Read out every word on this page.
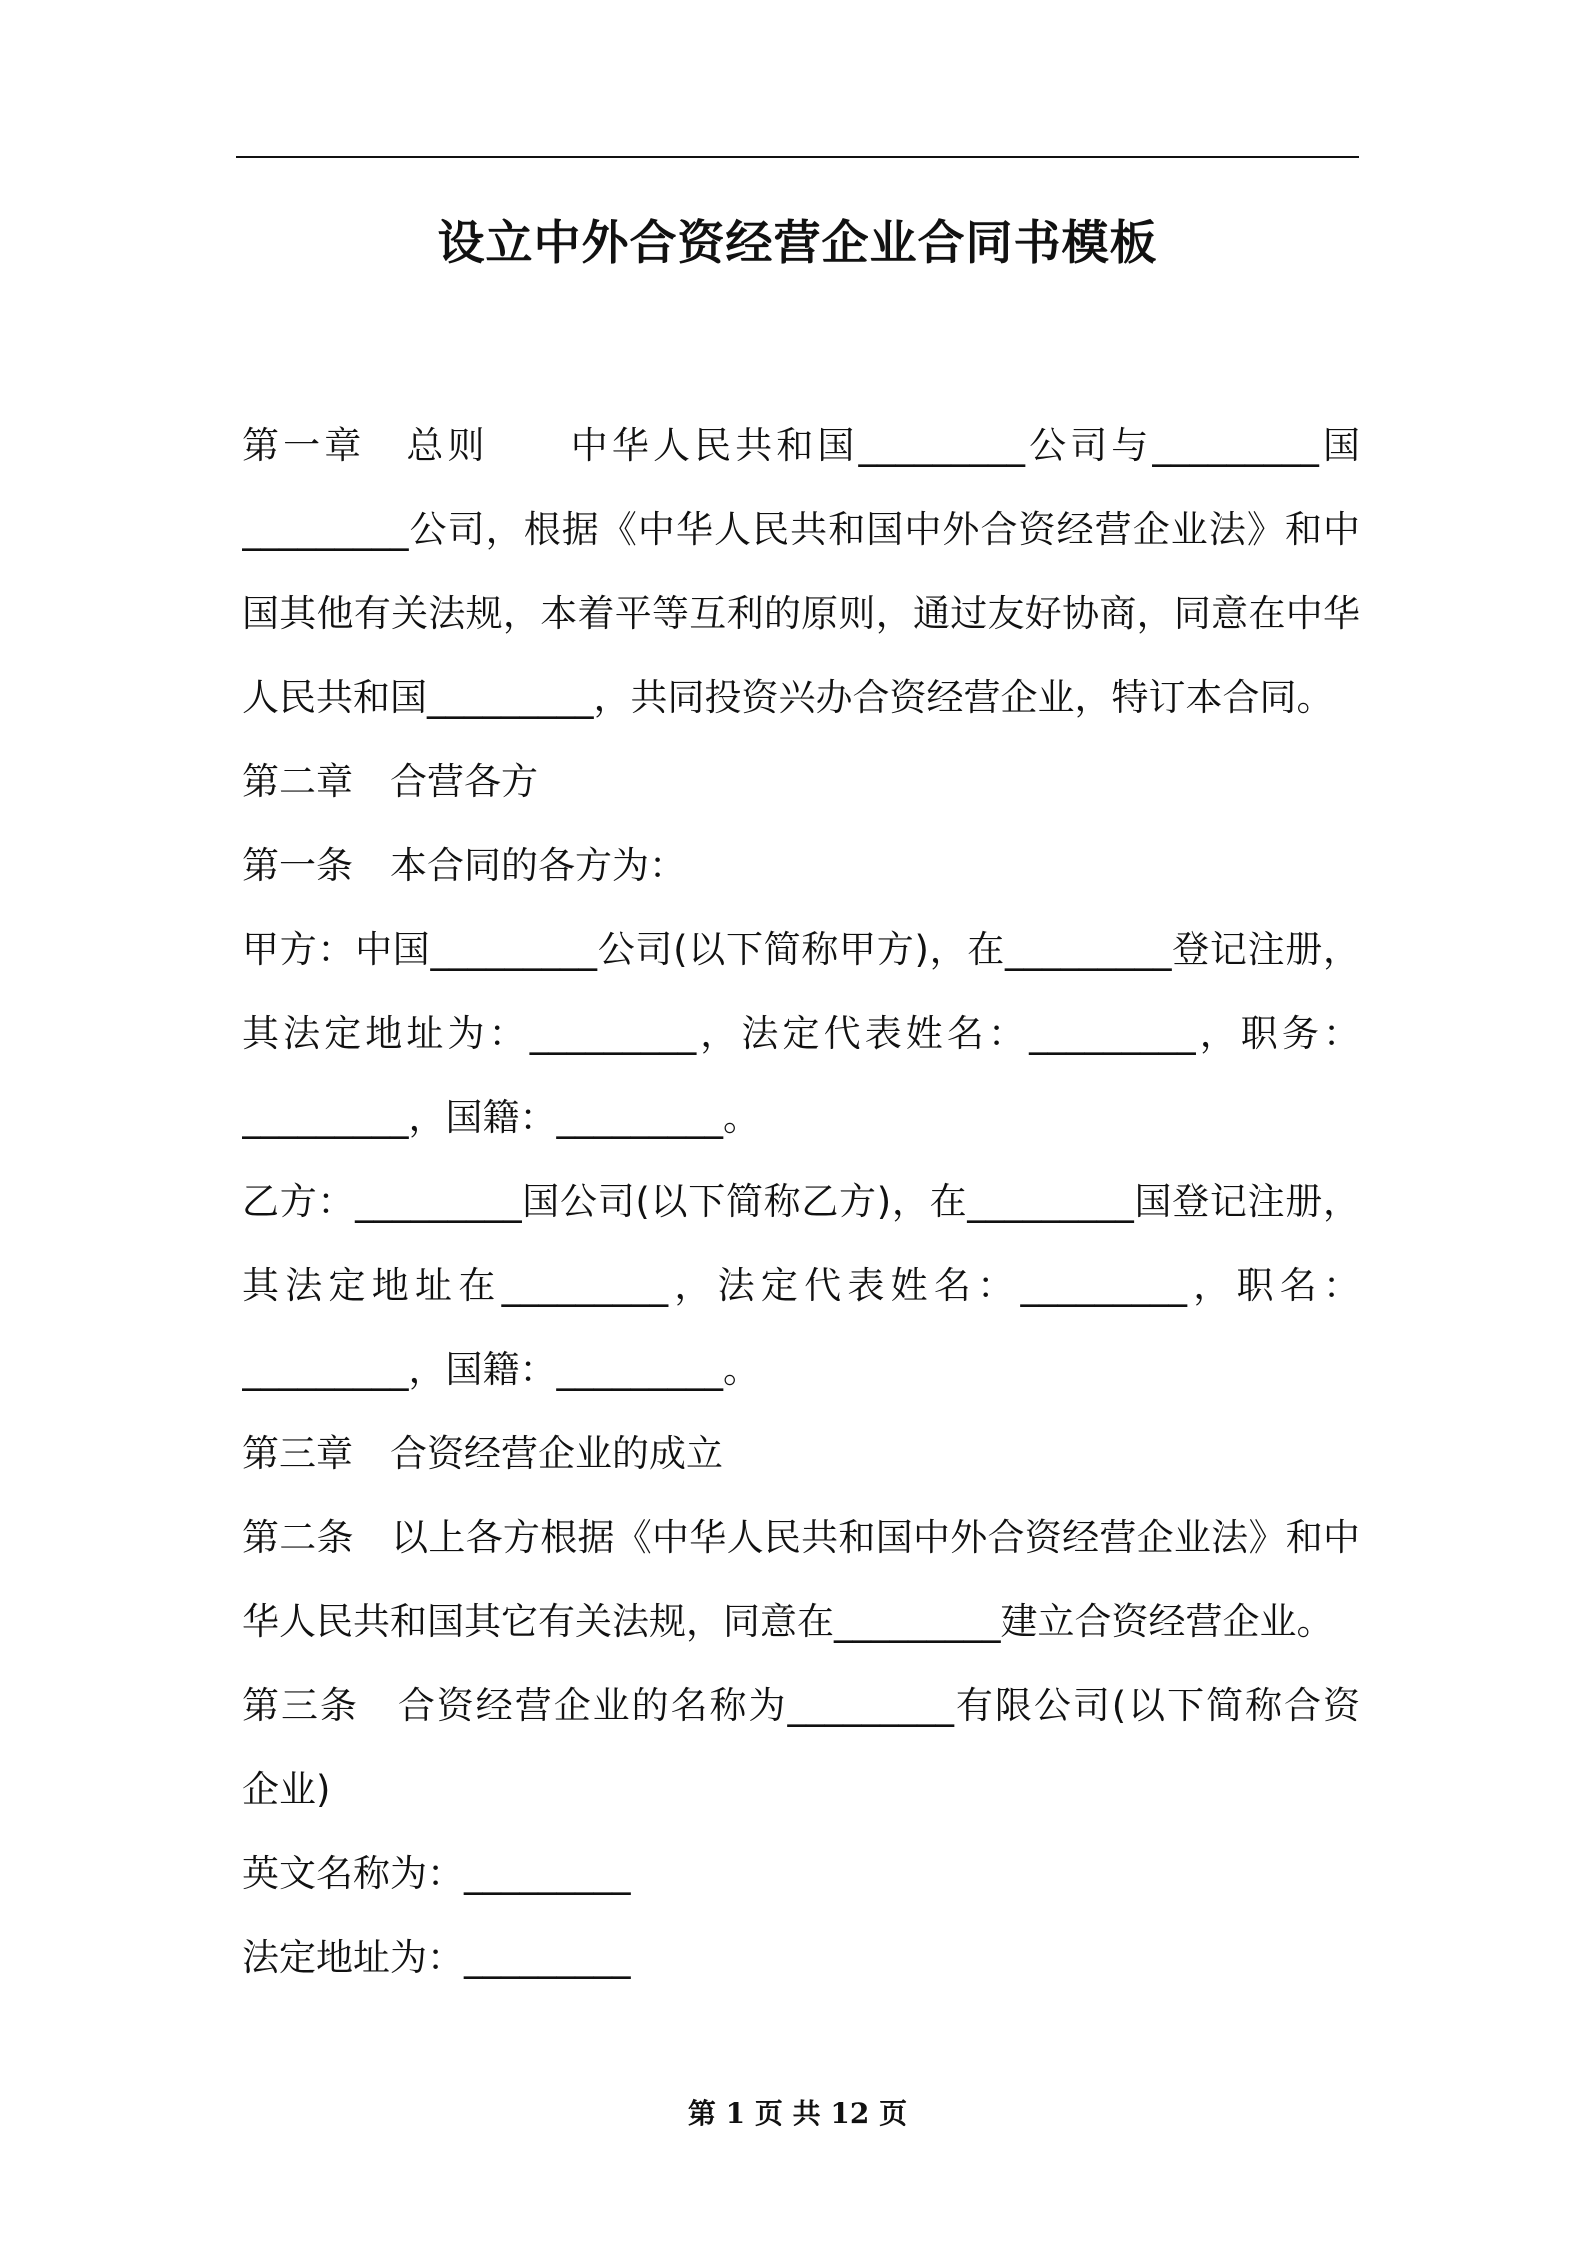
设立中外合资经营企业合同书模板
第一章　总则　　中华人民共和国_________公司与_________国
_________公司，根据《中华人民共和国中外合资经营企业法》和中
国其他有关法规，本着平等互利的原则，通过友好协商，同意在中华
人民共和国_________，共同投资兴办合资经营企业，特订本合同。
第二章　合营各方
第一条　本合同的各方为：
甲方：中国_________公司(以下简称甲方)，在_________登记注册，
其法定地址为：_________，法定代表姓名：_________，职务：
_________，国籍：_________。
乙方：_________国公司(以下简称乙方)，在_________国登记注册，
其法定地址在_________，法定代表姓名：_________，职名：
_________，国籍：_________。
第三章　合资经营企业的成立
第二条　以上各方根据《中华人民共和国中外合资经营企业法》和中
华人民共和国其它有关法规，同意在_________建立合资经营企业。
第三条　合资经营企业的名称为_________有限公司(以下简称合资
企业)
英文名称为：_________
法定地址为：_________
第 1 页 共 12 页
